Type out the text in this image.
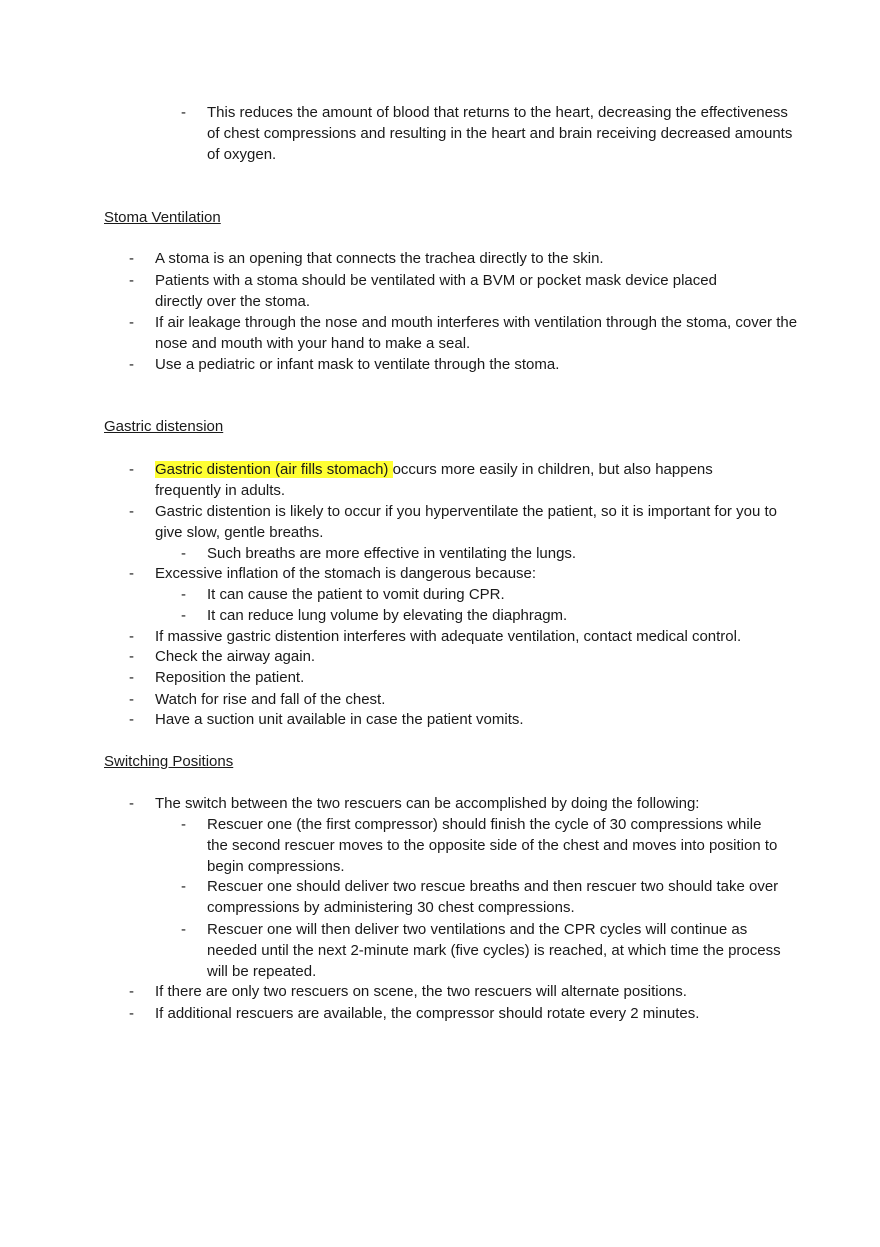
- This reduces the amount of blood that returns to the heart, decreasing the effectiveness of chest compressions and resulting in the heart and brain receiving decreased amounts of oxygen.
Stoma Ventilation
- A stoma is an opening that connects the trachea directly to the skin.
- Patients with a stoma should be ventilated with a BVM or pocket mask device placed directly over the stoma.
- If air leakage through the nose and mouth interferes with ventilation through the stoma, cover the nose and mouth with your hand to make a seal.
- Use a pediatric or infant mask to ventilate through the stoma.
Gastric distension
- Gastric distention (air fills stomach) occurs more easily in children, but also happens frequently in adults.
- Gastric distention is likely to occur if you hyperventilate the patient, so it is important for you to give slow, gentle breaths.
- Such breaths are more effective in ventilating the lungs.
- Excessive inflation of the stomach is dangerous because:
- It can cause the patient to vomit during CPR.
- It can reduce lung volume by elevating the diaphragm.
- If massive gastric distention interferes with adequate ventilation, contact medical control.
- Check the airway again.
- Reposition the patient.
- Watch for rise and fall of the chest.
- Have a suction unit available in case the patient vomits.
Switching Positions
- The switch between the two rescuers can be accomplished by doing the following:
- Rescuer one (the first compressor) should finish the cycle of 30 compressions while the second rescuer moves to the opposite side of the chest and moves into position to begin compressions.
- Rescuer one should deliver two rescue breaths and then rescuer two should take over compressions by administering 30 chest compressions.
- Rescuer one will then deliver two ventilations and the CPR cycles will continue as needed until the next 2-minute mark (five cycles) is reached, at which time the process will be repeated.
- If there are only two rescuers on scene, the two rescuers will alternate positions.
- If additional rescuers are available, the compressor should rotate every 2 minutes.
